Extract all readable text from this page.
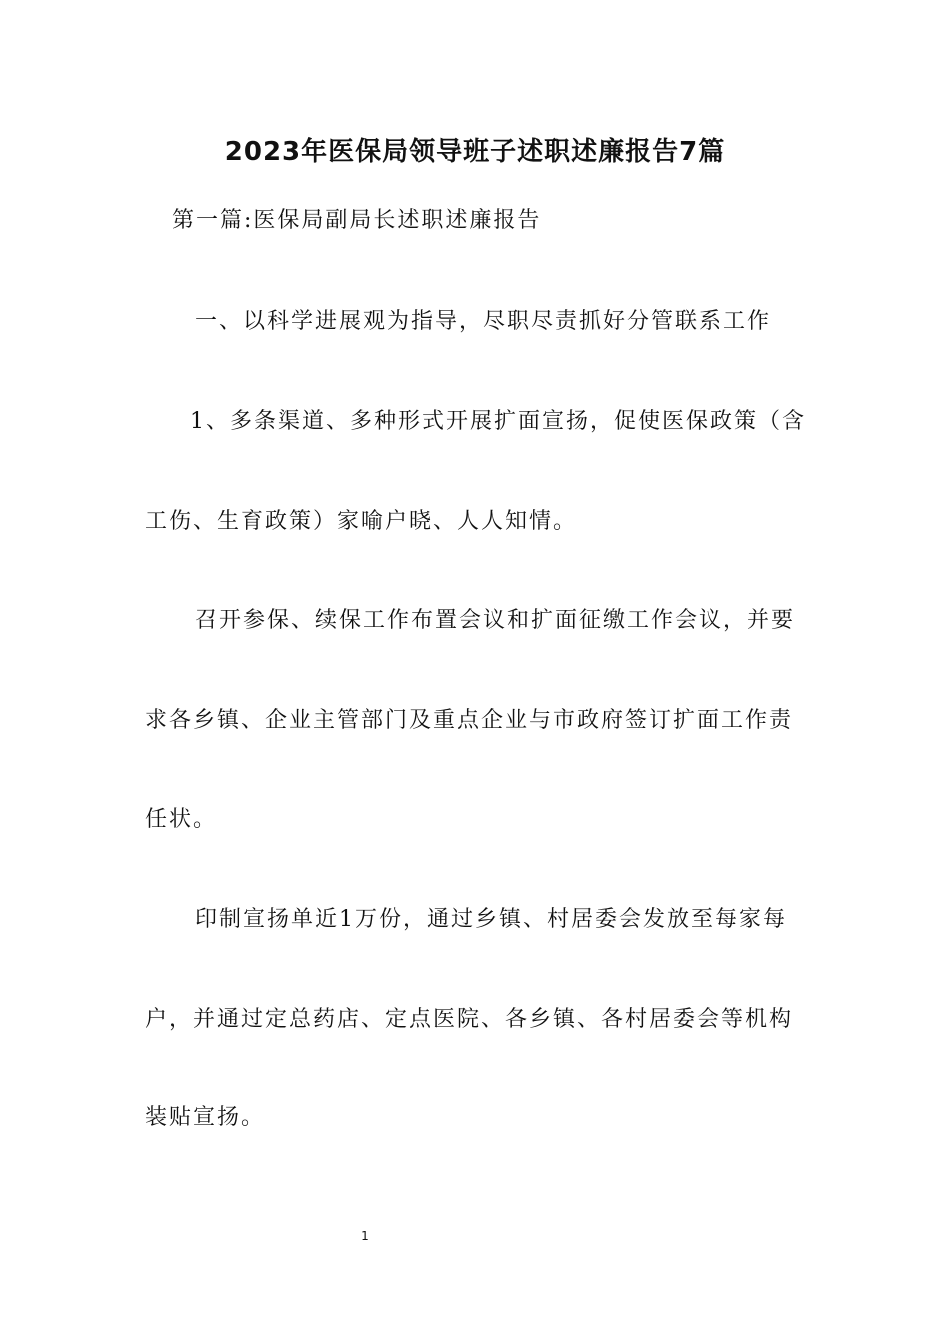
2023年医保局领导班子述职述廉报告7篇
第一篇:医保局副局长述职述廉报告
一、以科学进展观为指导，尽职尽责抓好分管联系工作
1、多条渠道、多种形式开展扩面宣扬，促使医保政策（含
工伤、生育政策）家喻户晓、人人知情。
召开参保、续保工作布置会议和扩面征缴工作会议，并要
求各乡镇、企业主管部门及重点企业与市政府签订扩面工作责
任状。
印制宣扬单近1万份，通过乡镇、村居委会发放至每家每
户，并通过定总药店、定点医院、各乡镇、各村居委会等机构
装贴宣扬。
1
